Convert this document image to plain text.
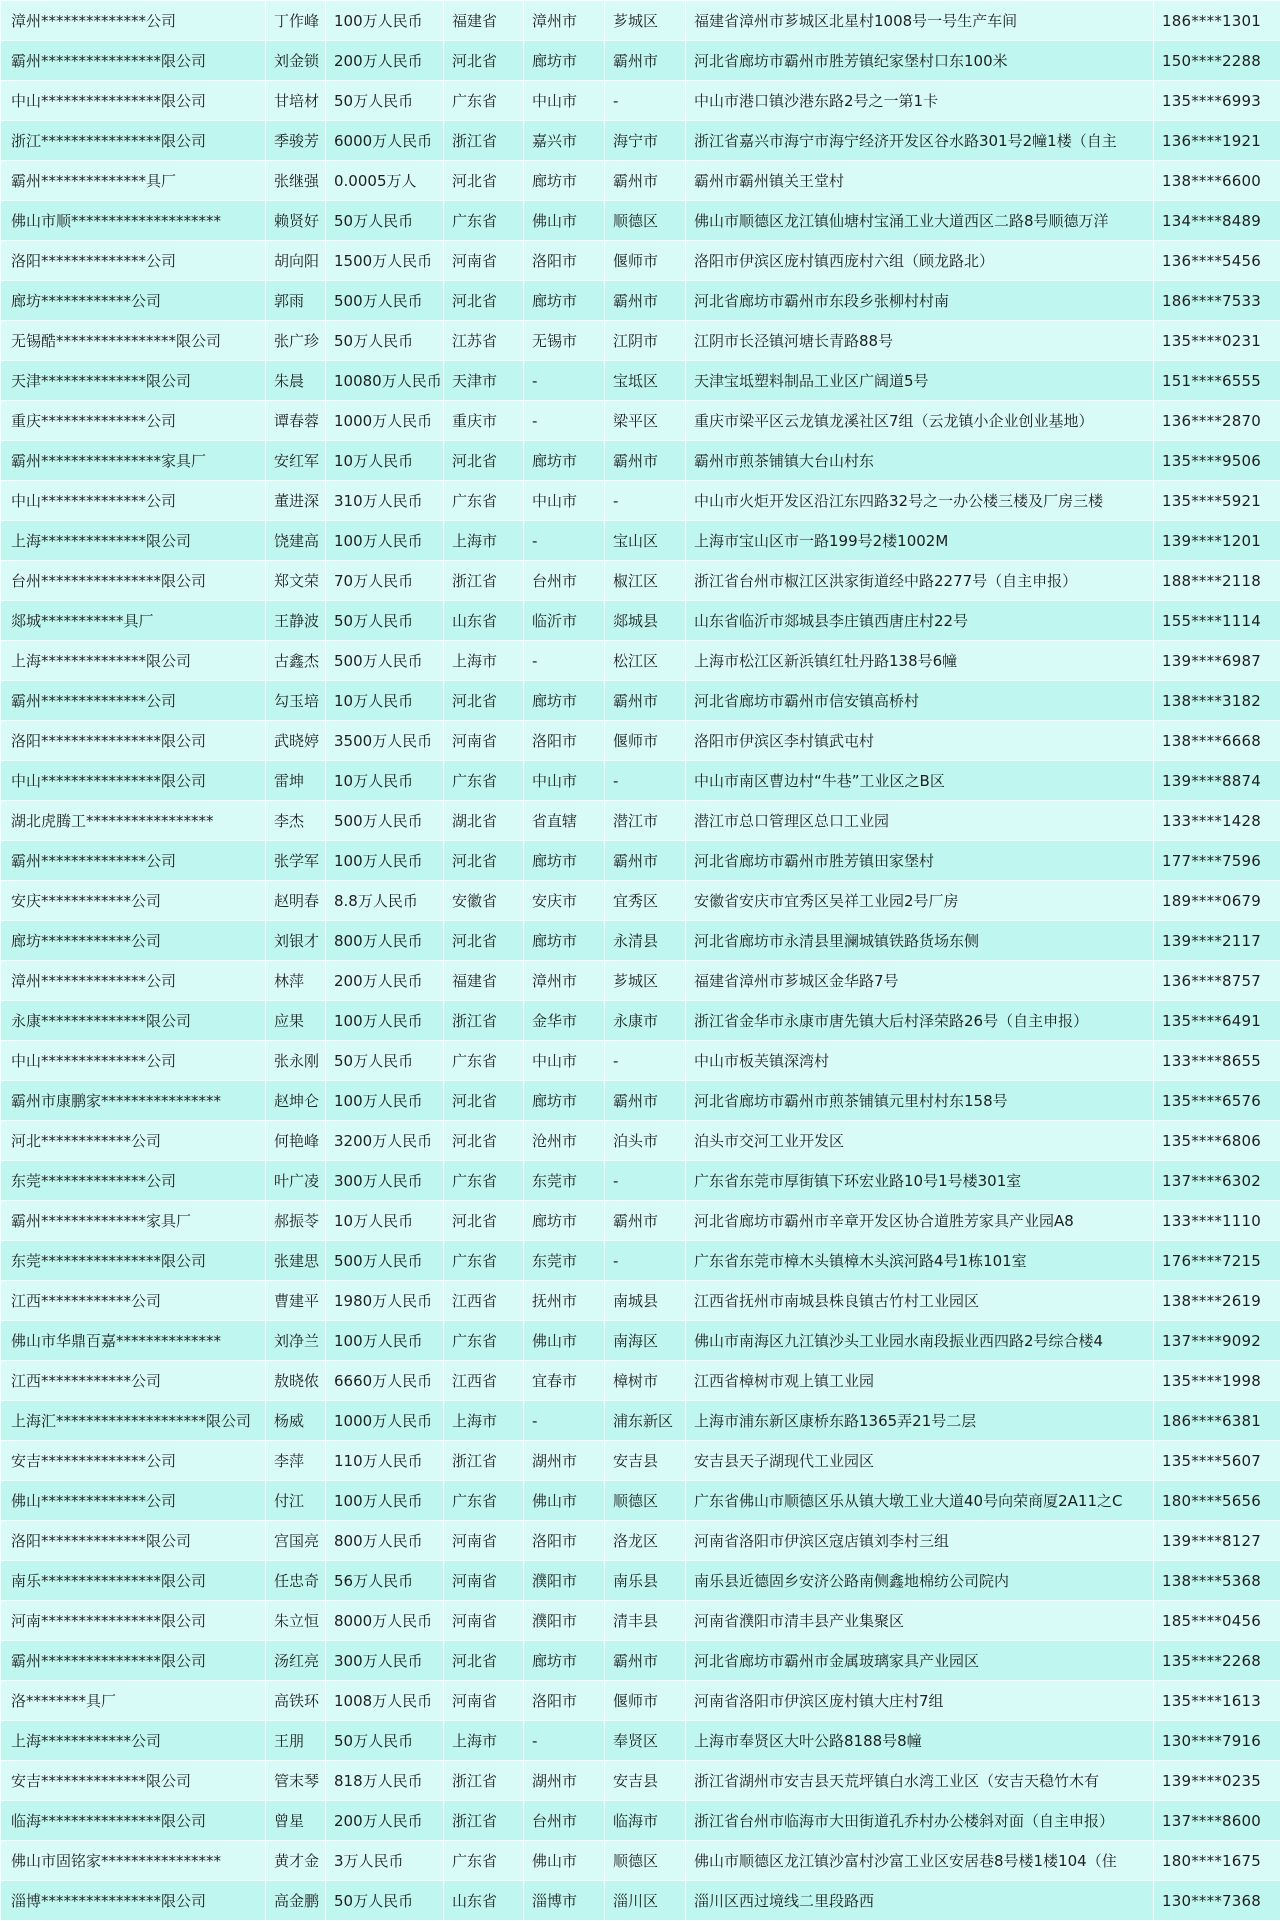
漳州**************公司	丁作峰	100万人民币	福建省	漳州市	芗城区	福建省漳州市芗城区北星村1008号一号生产车间	186****1301
霸州****************限公司	刘金锁	200万人民币	河北省	廊坊市	霸州市	河北省廊坊市霸州市胜芳镇纪家堡村口东100米	150****2288
中山****************限公司	甘培材	50万人民币	广东省	中山市	-	中山市港口镇沙港东路2号之一第1卡	135****6993
浙江****************限公司	季骏芳	6000万人民币	浙江省	嘉兴市	海宁市	浙江省嘉兴市海宁市海宁经济开发区谷水路301号2幢1楼（自主	136****1921
霸州**************具厂	张继强	0.0005万人	河北省	廊坊市	霸州市	霸州市霸州镇关王堂村	138****6600
佛山市顺********************	赖贤好	50万人民币	广东省	佛山市	顺德区	佛山市顺德区龙江镇仙塘村宝涌工业大道西区二路8号顺德万洋	134****8489
洛阳**************公司	胡向阳	1500万人民币	河南省	洛阳市	偃师市	洛阳市伊滨区庞村镇西庞村六组（顾龙路北）	136****5456
廊坊************公司	郭雨	500万人民币	河北省	廊坊市	霸州市	河北省廊坊市霸州市东段乡张柳村村南	186****7533
无锡酷****************限公司	张广珍	50万人民币	江苏省	无锡市	江阴市	江阴市长泾镇河塘长青路88号	135****0231
天津**************限公司	朱晨	10080万人民币	天津市	-	宝坻区	天津宝坻塑料制品工业区广阔道5号	151****6555
重庆**************公司	谭春蓉	1000万人民币	重庆市	-	梁平区	重庆市梁平区云龙镇龙溪社区7组（云龙镇小企业创业基地）	136****2870
霸州****************家具厂	安红军	10万人民币	河北省	廊坊市	霸州市	霸州市煎茶铺镇大台山村东	135****9506
中山**************公司	董进深	310万人民币	广东省	中山市	-	中山市火炬开发区沿江东四路32号之一办公楼三楼及厂房三楼	135****5921
上海**************限公司	饶建高	100万人民币	上海市	-	宝山区	上海市宝山区市一路199号2楼1002M	139****1201
台州****************限公司	郑文荣	70万人民币	浙江省	台州市	椒江区	浙江省台州市椒江区洪家街道经中路2277号（自主申报）	188****2118
郯城***********具厂	王静波	50万人民币	山东省	临沂市	郯城县	山东省临沂市郯城县李庄镇西唐庄村22号	155****1114
上海**************限公司	古鑫杰	500万人民币	上海市	-	松江区	上海市松江区新浜镇红牡丹路138号6幢	139****6987
霸州**************公司	勾玉培	10万人民币	河北省	廊坊市	霸州市	河北省廊坊市霸州市信安镇高桥村	138****3182
洛阳****************限公司	武晓婷	3500万人民币	河南省	洛阳市	偃师市	洛阳市伊滨区李村镇武屯村	138****6668
中山****************限公司	雷坤	10万人民币	广东省	中山市	-	中山市南区曹边村“牛巷”工业区之B区	139****8874
湖北虎腾工*****************	李杰	500万人民币	湖北省	省直辖	潜江市	潜江市总口管理区总口工业园	133****1428
霸州**************公司	张学军	100万人民币	河北省	廊坊市	霸州市	河北省廊坊市霸州市胜芳镇田家堡村	177****7596
安庆************公司	赵明春	8.8万人民币	安徽省	安庆市	宜秀区	安徽省安庆市宜秀区吴祥工业园2号厂房	189****0679
廊坊************公司	刘银才	800万人民币	河北省	廊坊市	永清县	河北省廊坊市永清县里澜城镇铁路货场东侧	139****2117
漳州**************公司	林萍	200万人民币	福建省	漳州市	芗城区	福建省漳州市芗城区金华路7号	136****8757
永康**************限公司	应果	100万人民币	浙江省	金华市	永康市	浙江省金华市永康市唐先镇大后村泽荣路26号（自主申报）	135****6491
中山**************公司	张永刚	50万人民币	广东省	中山市	-	中山市板芙镇深湾村	133****8655
霸州市康鹏家****************	赵坤仑	100万人民币	河北省	廊坊市	霸州市	河北省廊坊市霸州市煎茶铺镇元里村村东158号	135****6576
河北************公司	何艳峰	3200万人民币	河北省	沧州市	泊头市	泊头市交河工业开发区	135****6806
东莞**************公司	叶广凌	300万人民币	广东省	东莞市	-	广东省东莞市厚街镇下环宏业路10号1号楼301室	137****6302
霸州**************家具厂	郝振苓	10万人民币	河北省	廊坊市	霸州市	河北省廊坊市霸州市辛章开发区协合道胜芳家具产业园A8	133****1110
东莞****************限公司	张建思	500万人民币	广东省	东莞市	-	广东省东莞市樟木头镇樟木头滨河路4号1栋101室	176****7215
江西************公司	曹建平	1980万人民币	江西省	抚州市	南城县	江西省抚州市南城县株良镇古竹村工业园区	138****2619
佛山市华鼎百嘉**************	刘净兰	100万人民币	广东省	佛山市	南海区	佛山市南海区九江镇沙头工业园水南段振业西四路2号综合楼4	137****9092
江西************公司	敖晓侬	6660万人民币	江西省	宜春市	樟树市	江西省樟树市观上镇工业园	135****1998
上海汇********************限公司	杨威	1000万人民币	上海市	-	浦东新区	上海市浦东新区康桥东路1365弄21号二层	186****6381
安吉**************公司	李萍	110万人民币	浙江省	湖州市	安吉县	安吉县天子湖现代工业园区	135****5607
佛山**************公司	付江	100万人民币	广东省	佛山市	顺德区	广东省佛山市顺德区乐从镇大墩工业大道40号向荣商厦2A11之C	180****5656
洛阳**************限公司	宫国亮	800万人民币	河南省	洛阳市	洛龙区	河南省洛阳市伊滨区寇店镇刘李村三组	139****8127
南乐****************限公司	任忠奇	56万人民币	河南省	濮阳市	南乐县	南乐县近德固乡安济公路南侧鑫地棉纺公司院内	138****5368
河南****************限公司	朱立恒	8000万人民币	河南省	濮阳市	清丰县	河南省濮阳市清丰县产业集聚区	185****0456
霸州****************限公司	汤红亮	300万人民币	河北省	廊坊市	霸州市	河北省廊坊市霸州市金属玻璃家具产业园区	135****2268
洛********具厂	高铁环	1008万人民币	河南省	洛阳市	偃师市	河南省洛阳市伊滨区庞村镇大庄村7组	135****1613
上海************公司	王朋	50万人民币	上海市	-	奉贤区	上海市奉贤区大叶公路8188号8幢	130****7916
安吉**************限公司	管末琴	818万人民币	浙江省	湖州市	安吉县	浙江省湖州市安吉县天荒坪镇白水湾工业区（安吉天稳竹木有	139****0235
临海****************限公司	曾星	200万人民币	浙江省	台州市	临海市	浙江省台州市临海市大田街道孔乔村办公楼斜对面（自主申报）	137****8600
佛山市固铭家****************	黄才金	3万人民币	广东省	佛山市	顺德区	佛山市顺德区龙江镇沙富村沙富工业区安居巷8号楼1楼104（住	180****1675
淄博****************限公司	高金鹏	50万人民币	山东省	淄博市	淄川区	淄川区西过境线二里段路西	130****7368
